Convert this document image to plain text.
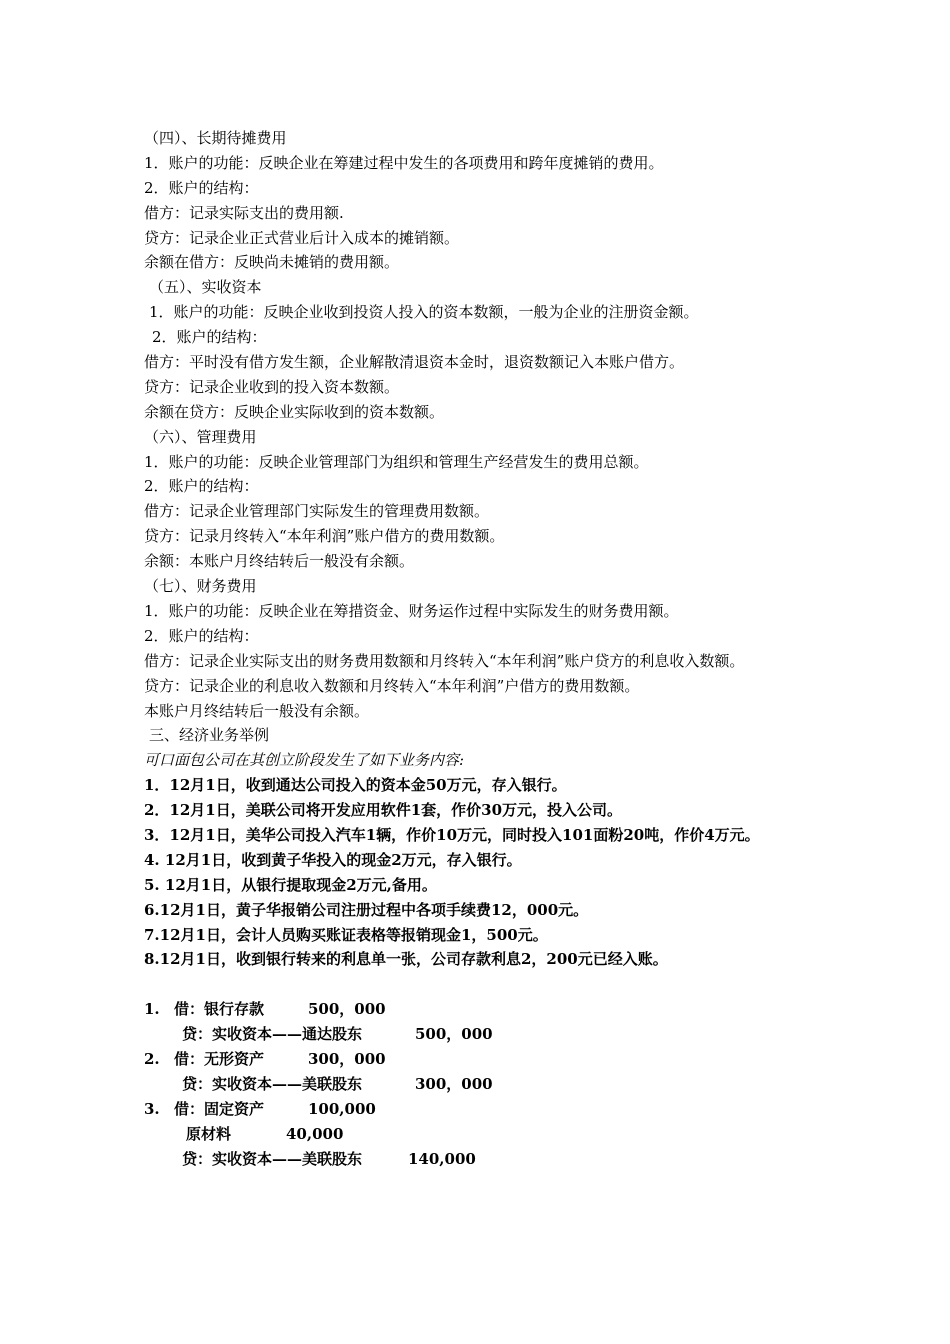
（四）、长期待摊费用
1．账户的功能：反映企业在筹建过程中发生的各项费用和跨年度摊销的费用。
2．账户的结构：
借方：记录实际支出的费用额.
贷方：记录企业正式营业后计入成本的摊销额。
余额在借方：反映尚未摊销的费用额。
（五）、实收资本
1．账户的功能：反映企业收到投资人投入的资本数额，一般为企业的注册资金额。
2．账户的结构：
借方：平时没有借方发生额，企业解散清退资本金时，退资数额记入本账户借方。
贷方：记录企业收到的投入资本数额。
余额在贷方：反映企业实际收到的资本数额。
（六）、管理费用
1．账户的功能：反映企业管理部门为组织和管理生产经营发生的费用总额。
2．账户的结构：
借方：记录企业管理部门实际发生的管理费用数额。
贷方：记录月终转入“本年利润”账户借方的费用数额。
余额：本账户月终结转后一般没有余额。
（七）、财务费用
1．账户的功能：反映企业在筹措资金、财务运作过程中实际发生的财务费用额。
2．账户的结构：
借方：记录企业实际支出的财务费用数额和月终转入“本年利润”账户贷方的利息收入数额。
贷方：记录企业的利息收入数额和月终转入“本年利润”户借方的费用数额。
本账户月终结转后一般没有余额。
三、经济业务举例
可口面包公司在其创立阶段发生了如下业务内容:
1．12月1日，收到通达公司投入的资本金50万元，存入银行。
2．12月1日，美联公司将开发应用软件1套，作价30万元，投入公司。
3．12月1日，美华公司投入汽车1辆，作价10万元，同时投入101面粉20吨，作价4万元。
4. 12月1日，收到黄子华投入的现金2万元，存入银行。
5. 12月1日，从银行提取现金2万元,备用。
6.12月1日，黄子华报销公司注册过程中各项手续费12，000元。
7.12月1日，会计人员购买账证表格等报销现金1，500元。
8.12月1日，收到银行转来的利息单一张，公司存款利息2，200元已经入账。
1. 借：银行存款	500，000
贷：实收资本——通达股东	500，000
2. 借：无形资产	300，000
贷：实收资本——美联股东	300，000
3. 借：固定资产	100,000
原材料	40,000
贷：实收资本——美联股东	140,000
